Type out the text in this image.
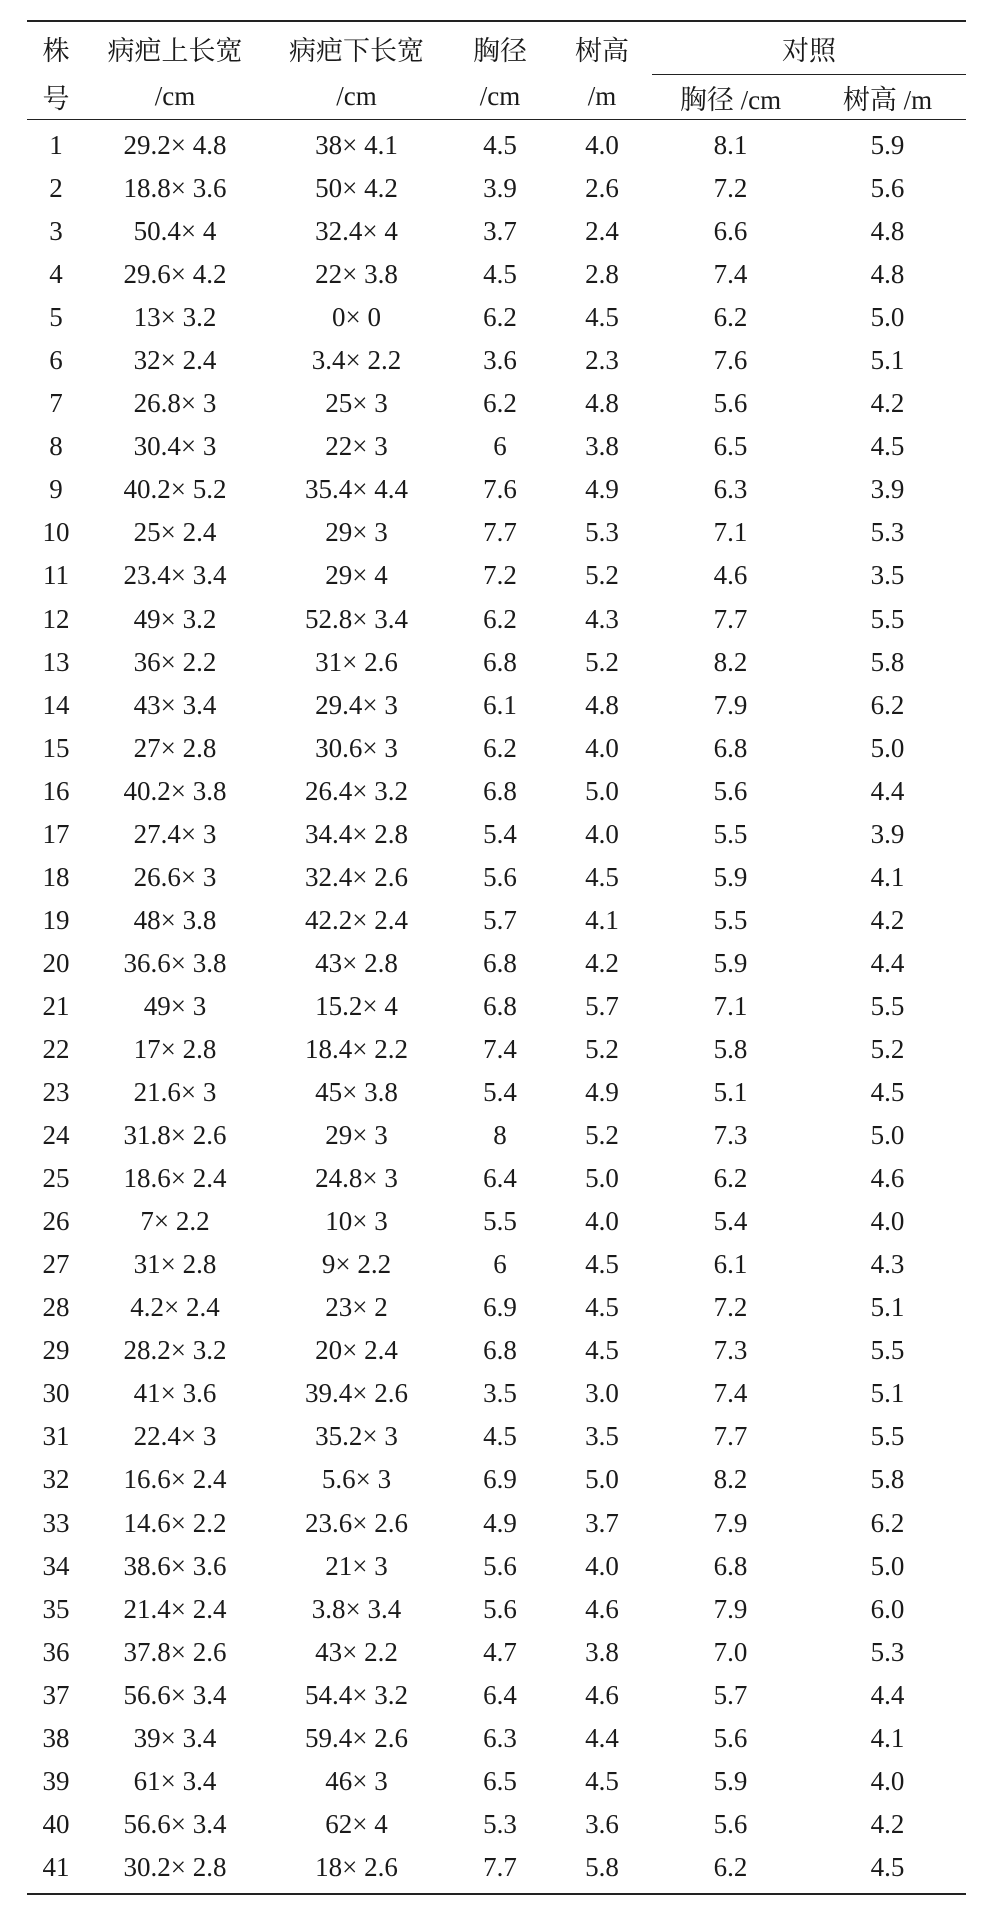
株	病疤上长宽	病疤下长宽	胸径	树高	对照	
号	/cm	/cm	/cm	/m	胸径 /cm	树高 /m
1	29.2× 4.8	38× 4.1	4.5	4.0	8.1	5.9
2	18.8× 3.6	50× 4.2	3.9	2.6	7.2	5.6
3	50.4× 4	32.4× 4	3.7	2.4	6.6	4.8
4	29.6× 4.2	22× 3.8	4.5	2.8	7.4	4.8
5	13× 3.2	0× 0	6.2	4.5	6.2	5.0
6	32× 2.4	3.4× 2.2	3.6	2.3	7.6	5.1
7	26.8× 3	25× 3	6.2	4.8	5.6	4.2
8	30.4× 3	22× 3	6	3.8	6.5	4.5
9	40.2× 5.2	35.4× 4.4	7.6	4.9	6.3	3.9
10	25× 2.4	29× 3	7.7	5.3	7.1	5.3
11	23.4× 3.4	29× 4	7.2	5.2	4.6	3.5
12	49× 3.2	52.8× 3.4	6.2	4.3	7.7	5.5
13	36× 2.2	31× 2.6	6.8	5.2	8.2	5.8
14	43× 3.4	29.4× 3	6.1	4.8	7.9	6.2
15	27× 2.8	30.6× 3	6.2	4.0	6.8	5.0
16	40.2× 3.8	26.4× 3.2	6.8	5.0	5.6	4.4
17	27.4× 3	34.4× 2.8	5.4	4.0	5.5	3.9
18	26.6× 3	32.4× 2.6	5.6	4.5	5.9	4.1
19	48× 3.8	42.2× 2.4	5.7	4.1	5.5	4.2
20	36.6× 3.8	43× 2.8	6.8	4.2	5.9	4.4
21	49× 3	15.2× 4	6.8	5.7	7.1	5.5
22	17× 2.8	18.4× 2.2	7.4	5.2	5.8	5.2
23	21.6× 3	45× 3.8	5.4	4.9	5.1	4.5
24	31.8× 2.6	29× 3	8	5.2	7.3	5.0
25	18.6× 2.4	24.8× 3	6.4	5.0	6.2	4.6
26	7× 2.2	10× 3	5.5	4.0	5.4	4.0
27	31× 2.8	9× 2.2	6	4.5	6.1	4.3
28	4.2× 2.4	23× 2	6.9	4.5	7.2	5.1
29	28.2× 3.2	20× 2.4	6.8	4.5	7.3	5.5
30	41× 3.6	39.4× 2.6	3.5	3.0	7.4	5.1
31	22.4× 3	35.2× 3	4.5	3.5	7.7	5.5
32	16.6× 2.4	5.6× 3	6.9	5.0	8.2	5.8
33	14.6× 2.2	23.6× 2.6	4.9	3.7	7.9	6.2
34	38.6× 3.6	21× 3	5.6	4.0	6.8	5.0
35	21.4× 2.4	3.8× 3.4	5.6	4.6	7.9	6.0
36	37.8× 2.6	43× 2.2	4.7	3.8	7.0	5.3
37	56.6× 3.4	54.4× 3.2	6.4	4.6	5.7	4.4
38	39× 3.4	59.4× 2.6	6.3	4.4	5.6	4.1
39	61× 3.4	46× 3	6.5	4.5	5.9	4.0
40	56.6× 3.4	62× 4	5.3	3.6	5.6	4.2
41	30.2× 2.8	18× 2.6	7.7	5.8	6.2	4.5
